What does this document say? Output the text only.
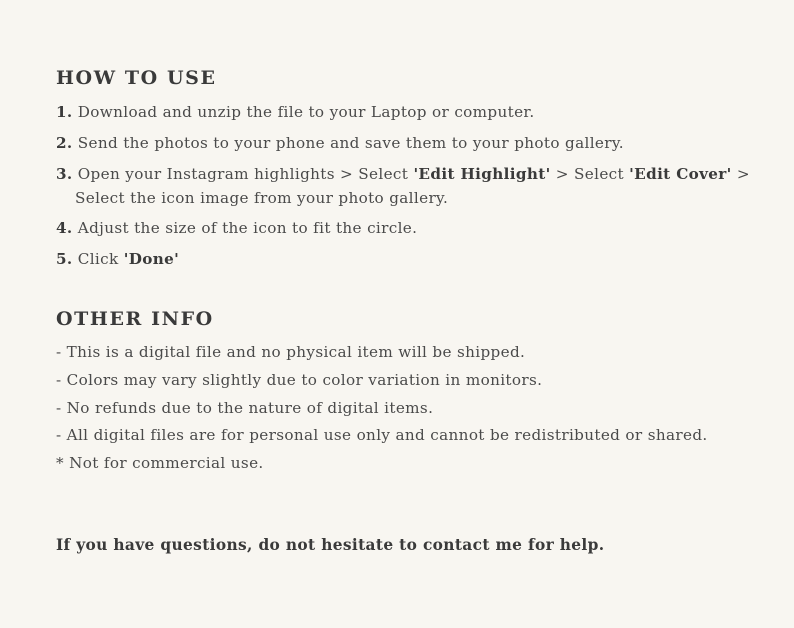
HOW TO USE
1. Download and unzip the file to your Laptop or computer.
2. Send the photos to your phone and save them to your photo gallery.
3. Open your Instagram highlights > Select 'Edit Highlight' > Select 'Edit Cover' >
Select the icon image from your photo gallery.
4. Adjust the size of the icon to fit the circle.
5. Click 'Done'
OTHER INFO
- This is a digital file and no physical item will be shipped.
- Colors may vary slightly due to color variation in monitors.
- No refunds due to the nature of digital items.
- All digital files are for personal use only and cannot be redistributed or shared.
* Not for commercial use.
If you have questions, do not hesitate to contact me for help.
